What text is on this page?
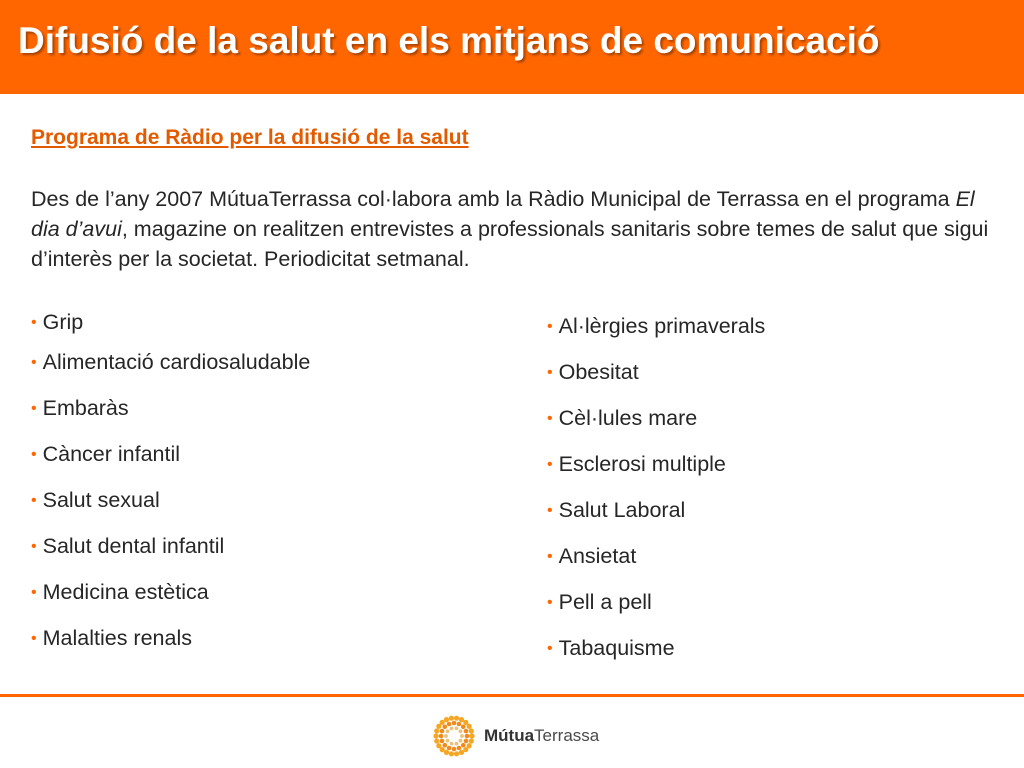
Difusió de la salut en els mitjans de comunicació
Programa de Ràdio per la difusió de la salut

Des de l’any 2007 MútuaTerrassa col·labora amb la Ràdio Municipal de Terrassa en el programa El dia d’avui, magazine on realitzen entrevistes a professionals sanitaris sobre temes de salut que sigui d’interès per la societat. Periodicitat setmanal.

• Grip
• Alimentació cardiosaludable
• Embaràs
• Càncer infantil
• Salut sexual
• Salut dental infantil
• Medicina estètica
• Malalties renals
• Al·lèrgies primaverals
• Obesitat
• Cèl·lules mare
• Esclerosi multiple
• Salut Laboral
• Ansietat
• Pell a pell
• Tabaquisme
MútuaTerrassa
